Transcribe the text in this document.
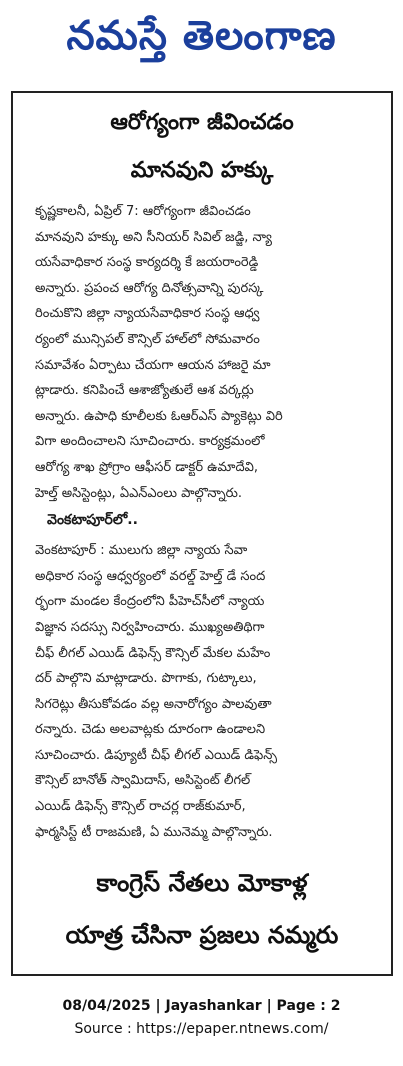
నమస్తే తెలంగాణ
ఆరోగ్యంగా జీవించడం
మానవుని హక్కు

కృష్ణకాలనీ, ఏప్రిల్ 7: ఆరోగ్యంగా జీవించడం

మానవుని హక్కు అని సీనియర్ సివిల్ జడ్జి, న్యా

యసేవాధికార సంస్థ కార్యదర్శి కే జయరాంరెడ్డి

అన్నారు. ప్రపంచ ఆరోగ్య దినోత్సవాన్ని పురస్క

రించుకొని జిల్లా న్యాయసేవాధికార సంస్థ ఆధ్వ

ర్యంలో మున్సిపల్ కౌన్సిల్ హాల్‌లో సోమవారం

సమావేశం ఏర్పాటు చేయగా ఆయన హాజరై మా

ట్లాడారు. కనిపించే ఆశాజ్యోతులే ఆశ వర్కర్లు

అన్నారు. ఉపాధి కూలీలకు ఓఆర్‌ఎస్ ప్యాకెట్లు విరి

విగా అందించాలని సూచించారు. కార్యక్రమంలో

ఆరోగ్య శాఖ ప్రోగ్రాం ఆఫీసర్ డాక్టర్ ఉమాదేవి,

హెల్త్ అసిస్టెంట్లు, ఏఎన్‌ఎంలు పాల్గొన్నారు.

వెంకటాపూర్‌లో..

వెంకటాపూర్ : ములుగు జిల్లా న్యాయ సేవా

అధికార సంస్థ ఆధ్వర్యంలో వరల్డ్ హెల్త్ డే సంద

ర్భంగా మండల కేంద్రంలోని పీహెచ్‌సీలో న్యాయ

విజ్ఞాన సదస్సు నిర్వహించారు. ముఖ్యఅతిథిగా

చీఫ్ లీగల్ ఎయిడ్ డిఫెన్స్ కౌన్సిల్ మేకల మహేం

దర్ పాల్గొని మాట్లాడారు. పొగాకు, గుట్కాలు,

సిగరెట్లు తీసుకోవడం వల్ల అనారోగ్యం పాలవుతా

రన్నారు. చెడు అలవాట్లకు దూరంగా ఉండాలని

సూచించారు. డిప్యూటీ చీఫ్ లీగల్ ఎయిడ్ డిఫెన్స్

కౌన్సిల్ బానోత్ స్వామిదాస్, అసిస్టెంట్ లీగల్

ఎయిడ్ డిఫెన్స్ కౌన్సిల్ రాచర్ల రాజ్‌కుమార్,

ఫార్మసిస్ట్ టీ రాజమణి, ఏ మునెమ్మ పాల్గొన్నారు.

కాంగ్రెస్ నేతలు మోకాళ్ల
యాత్ర చేసినా ప్రజలు నమ్మరు
08/04/2025 | Jayashankar | Page : 2
Source : https://epaper.ntnews.com/
